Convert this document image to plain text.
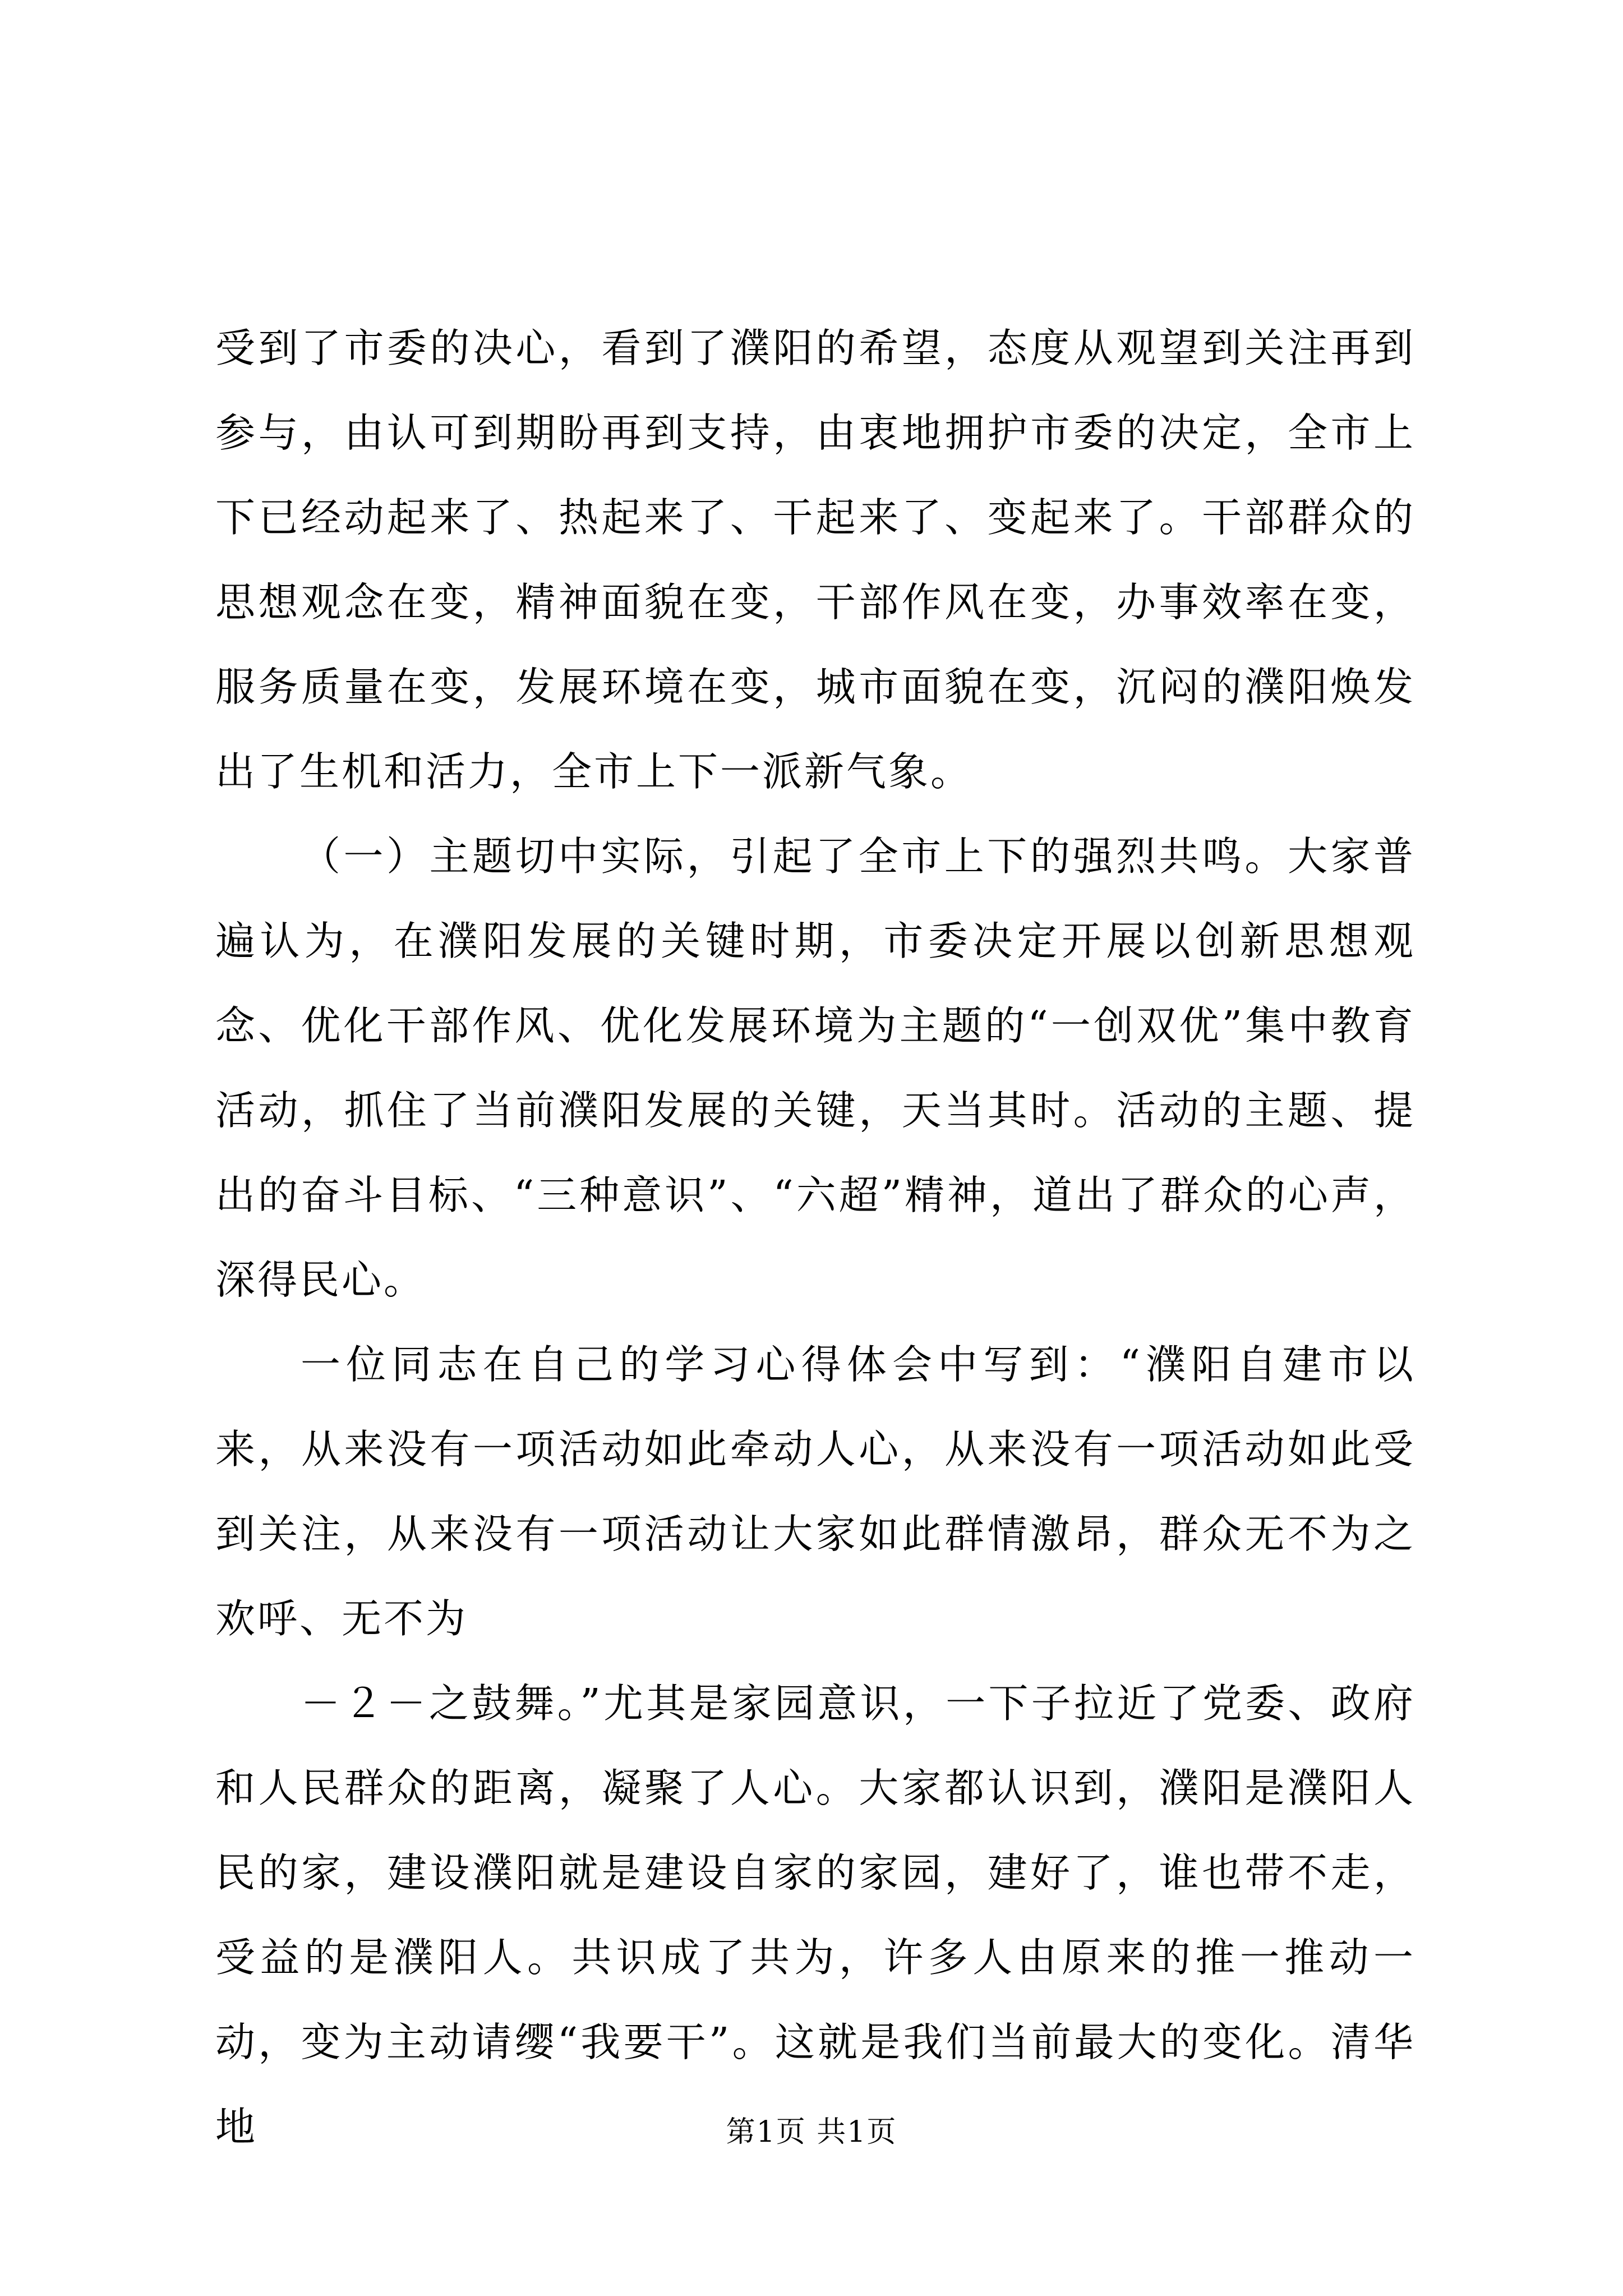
受到了市委的决心，看到了濮阳的希望，态度从观望到关注再到参与，由认可到期盼再到支持，由衷地拥护市委的决定，全市上下已经动起来了、热起来了、干起来了、变起来了。干部群众的思想观念在变，精神面貌在变，干部作风在变，办事效率在变，服务质量在变，发展环境在变，城市面貌在变，沉闷的濮阳焕发出了生机和活力，全市上下一派新气象。

（一）主题切中实际，引起了全市上下的强烈共鸣。大家普遍认为，在濮阳发展的关键时期，市委决定开展以创新思想观念、优化干部作风、优化发展环境为主题的“一创双优”集中教育活动，抓住了当前濮阳发展的关键，天当其时。活动的主题、提出的奋斗目标、“三种意识”、“六超”精神，道出了群众的心声，深得民心。

一位同志在自己的学习心得体会中写到：“濮阳自建市以来，从来没有一项活动如此牵动人心，从来没有一项活动如此受到关注，从来没有一项活动让大家如此群情激昂，群众无不为之欢呼、无不为

－２－之鼓舞。”尤其是家园意识，一下子拉近了党委、政府和人民群众的距离，凝聚了人心。大家都认识到，濮阳是濮阳人民的家，建设濮阳就是建设自家的家园，建好了，谁也带不走，受益的是濮阳人。共识成了共为，许多人由原来的推一推动一动，变为主动请缨“我要干”。这就是我们当前最大的变化。清华地	第1页 共1页
